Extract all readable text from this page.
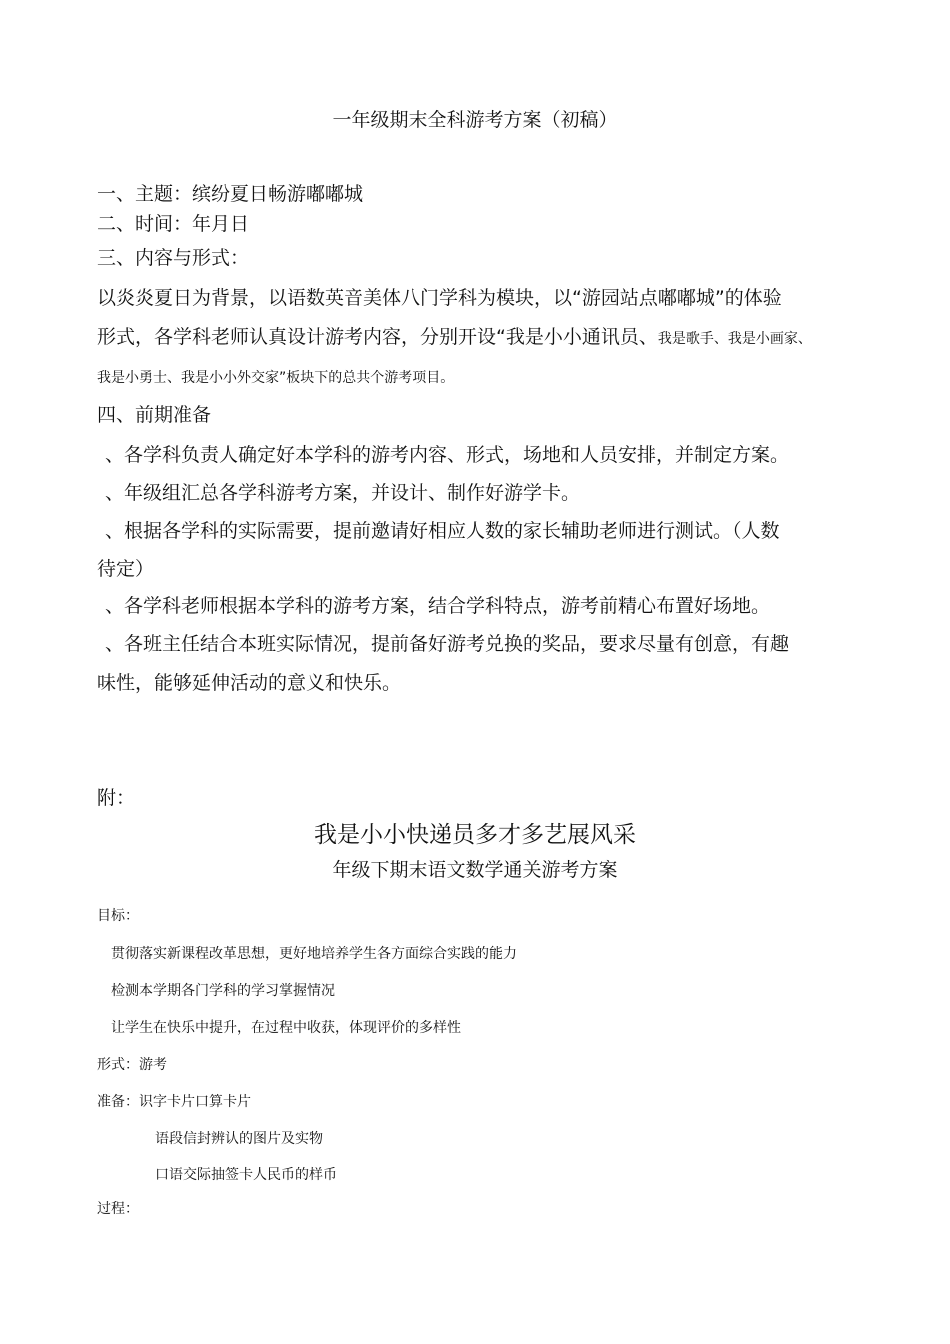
一年级期末全科游考方案（初稿）
一、主题：缤纷夏日畅游嘟嘟城
二、时间：年月日
三、内容与形式：
以炎炎夏日为背景，以语数英音美体八门学科为模块，以“游园站点嘟嘟城”的体验
形式，各学科老师认真设计游考内容，分别开设“我是小小通讯员、我是歌手、我是小画家、
我是小勇士、我是小小外交家”板块下的总共个游考项目。
四、前期准备
、各学科负责人确定好本学科的游考内容、形式，场地和人员安排，并制定方案。
、年级组汇总各学科游考方案，并设计、制作好游学卡。
、根据各学科的实际需要，提前邀请好相应人数的家长辅助老师进行测试。（人数
待定）
、各学科老师根据本学科的游考方案，结合学科特点，游考前精心布置好场地。
、各班主任结合本班实际情况，提前备好游考兑换的奖品，要求尽量有创意，有趣
味性，能够延伸活动的意义和快乐。
附：
我是小小快递员多才多艺展风采
年级下期末语文数学通关游考方案
目标：
贯彻落实新课程改革思想，更好地培养学生各方面综合实践的能力
检测本学期各门学科的学习掌握情况
让学生在快乐中提升，在过程中收获，体现评价的多样性
形式：游考
准备：识字卡片口算卡片
语段信封辨认的图片及实物
口语交际抽签卡人民币的样币
过程：
